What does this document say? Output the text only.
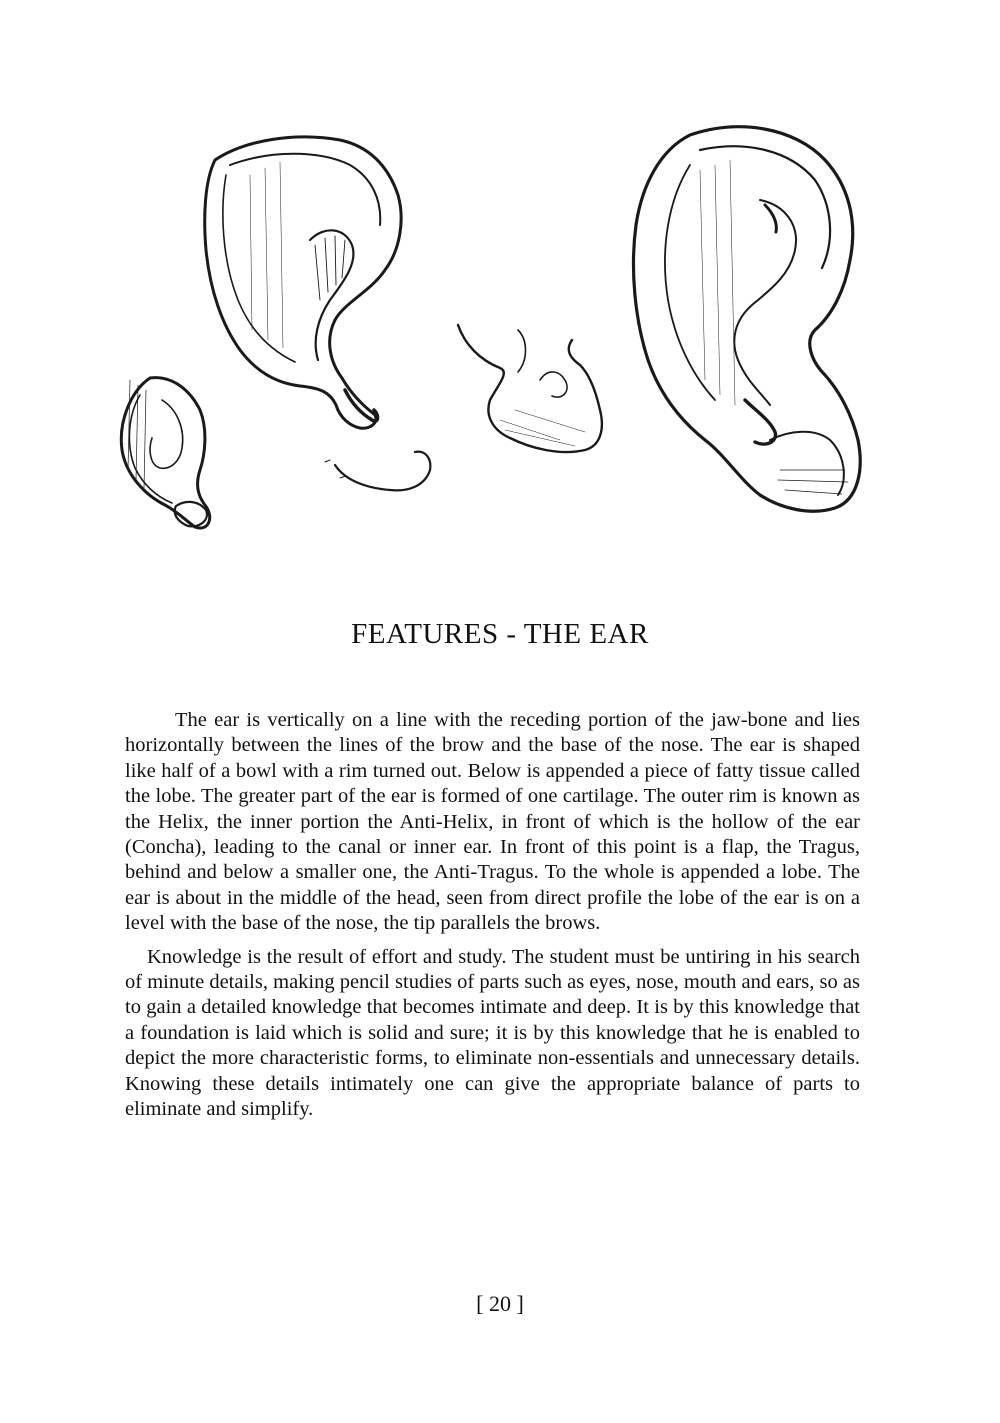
FEATURES - THE EAR

The ear is vertically on a line with the receding portion of the jaw-bone and lies horizontally between the lines of the brow and the base of the nose. The ear is shaped like half of a bowl with a rim turned out. Below is appended a piece of fatty tissue called the lobe. The greater part of the ear is formed of one cartilage. The outer rim is known as the Helix, the inner portion the Anti-Helix, in front of which is the hollow of the ear (Concha), leading to the canal or inner ear. In front of this point is a flap, the Tragus, behind and below a smaller one, the Anti-Tragus. To the whole is appended a lobe. The ear is about in the middle of the head, seen from direct profile the lobe of the ear is on a level with the base of the nose, the tip parallels the brows.

Knowledge is the result of effort and study. The student must be untiring in his search of minute details, making pencil studies of parts such as eyes, nose, mouth and ears, so as to gain a detailed knowledge that becomes intimate and deep. It is by this knowledge that a foundation is laid which is solid and sure; it is by this knowledge that he is enabled to depict the more characteristic forms, to eliminate non-essentials and unnecessary details. Knowing these details intimately one can give the appropriate balance of parts to eliminate and simplify.

[ 20 ]
